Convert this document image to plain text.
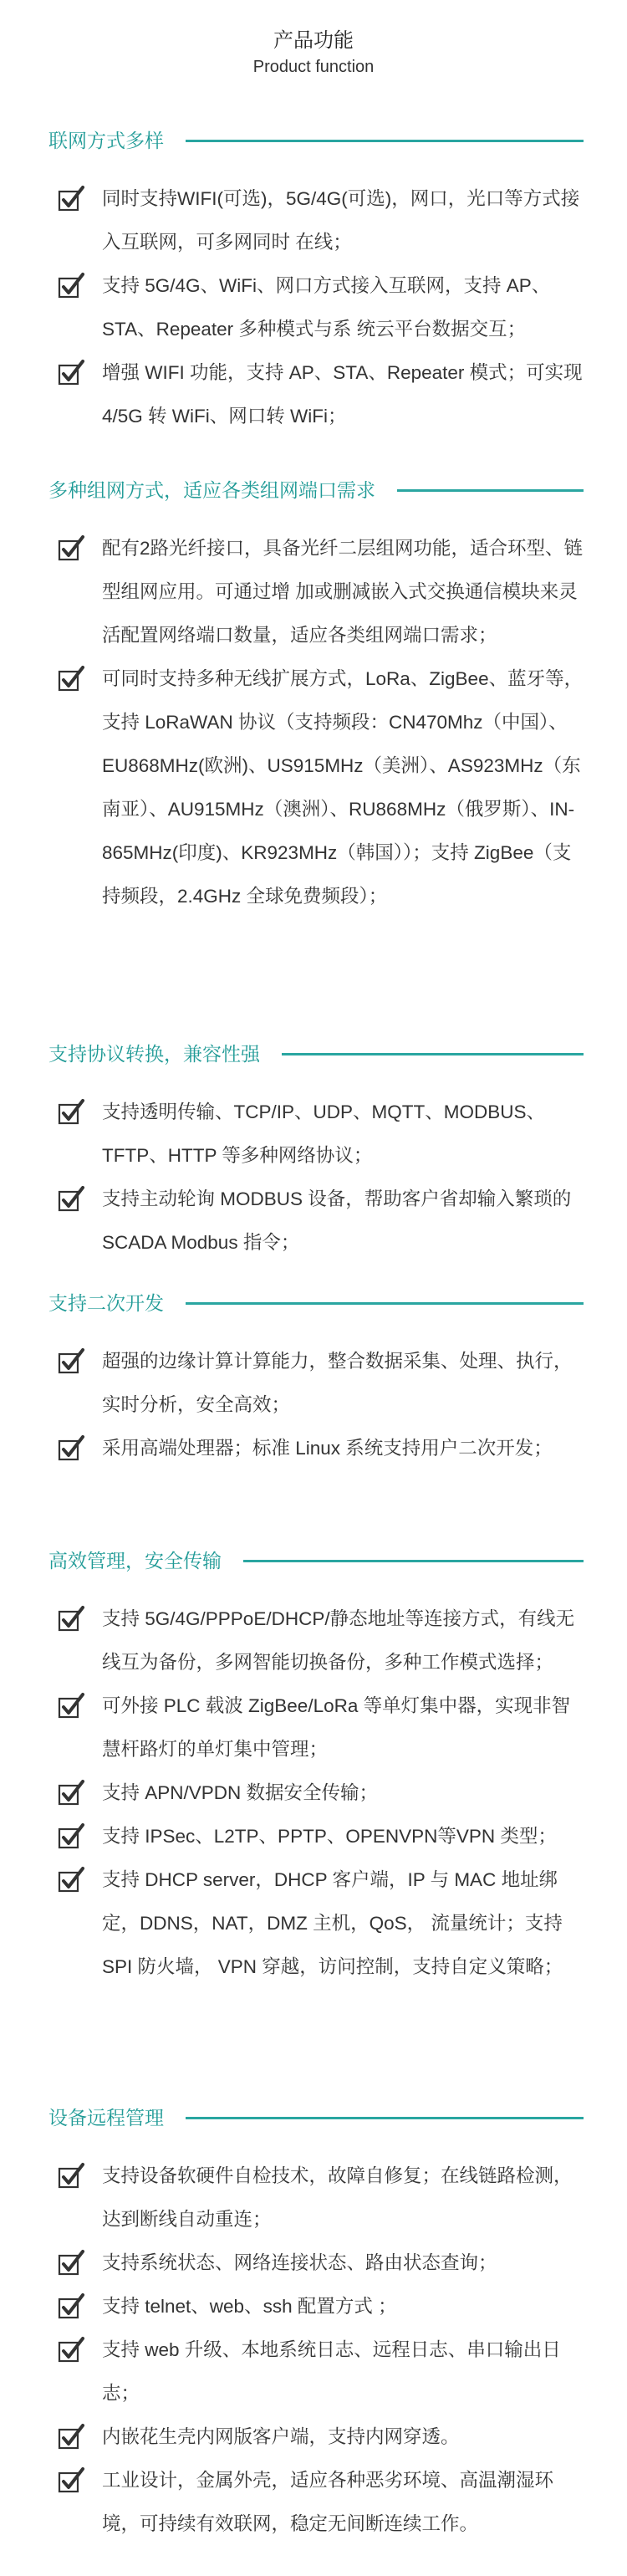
产品功能
Product function
联网方式多样
同时支持WIFI(可选)，5G/4G(可选)，网口，光口等方式接入互联网，可多网同时 在线；
支持 5G/4G、WiFi、网口方式接入互联网，支持 AP、STA、Repeater 多种模式与系 统云平台数据交互；
增强 WIFI 功能，支持 AP、STA、Repeater 模式；可实现 4/5G 转 WiFi、网口转 WiFi；
多种组网方式，适应各类组网端口需求
配有2路光纤接口，具备光纤二层组网功能，适合环型、链型组网应用。可通过增 加或删减嵌入式交换通信模块来灵活配置网络端口数量，适应各类组网端口需求；
可同时支持多种无线扩展方式，LoRa、ZigBee、蓝牙等，支持 LoRaWAN 协议（支持频段：CN470Mhz（中国）、EU868MHz(欧洲)、US915MHz（美洲）、AS923MHz（东南亚）、AU915MHz（澳洲）、RU868MHz（俄罗斯）、IN-865MHz(印度)、KR923MHz（韩国））；支持 ZigBee（支持频段，2.4GHz 全球免费频段）；
支持协议转换，兼容性强
支持透明传输、TCP/IP、UDP、MQTT、MODBUS、TFTP、HTTP 等多种网络协议；
支持主动轮询 MODBUS 设备，帮助客户省却输入繁琐的 SCADA Modbus 指令；
支持二次开发
超强的边缘计算计算能力，整合数据采集、处理、执行，实时分析，安全高效；
采用高端处理器；标准 Linux 系统支持用户二次开发；
高效管理，安全传输
支持 5G/4G/PPPoE/DHCP/静态地址等连接方式，有线无线互为备份，多网智能切换备份，多种工作模式选择；
可外接 PLC 载波 ZigBee/LoRa 等单灯集中器，实现非智慧杆路灯的单灯集中管理；
支持 APN/VPDN 数据安全传输；
支持 IPSec、L2TP、PPTP、OPENVPN等VPN 类型；
支持 DHCP server，DHCP 客户端，IP 与 MAC 地址绑定，DDNS，NAT，DMZ 主机，QoS， 流量统计；支持 SPI 防火墙， VPN 穿越，访问控制，支持自定义策略；
设备远程管理
支持设备软硬件自检技术，故障自修复；在线链路检测，达到断线自动重连；
支持系统状态、网络连接状态、路由状态查询；
支持 telnet、web、ssh 配置方式 ；
支持 web 升级、本地系统日志、远程日志、串口输出日志；
内嵌花生壳内网版客户端，支持内网穿透。
工业设计，金属外壳，适应各种恶劣环境、高温潮湿环境，可持续有效联网，稳定无间断连续工作。
